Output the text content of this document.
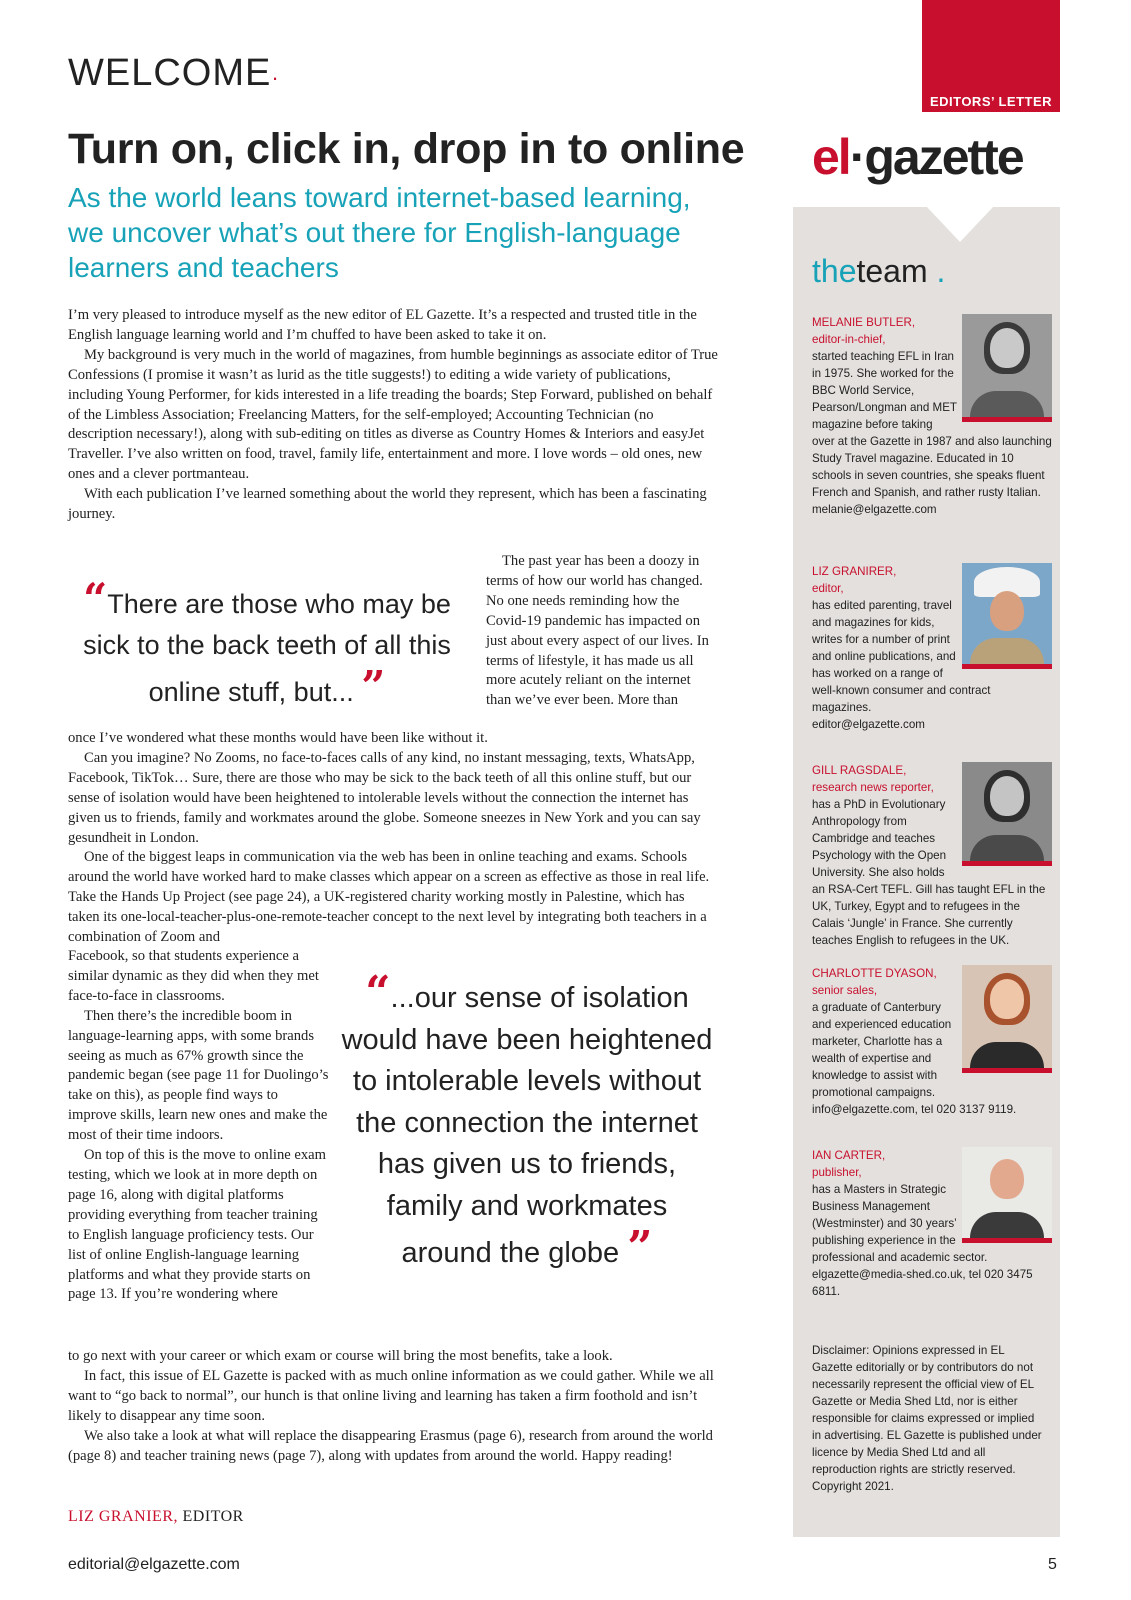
WELCOME·
EDITORS’ LETTER
Turn on, click in, drop in to online
As the world leans toward internet-based learning, we uncover what’s out there for English-language learners and teachers

I’m very pleased to introduce myself as the new editor of EL Gazette. It’s a respected and trusted title in the English language learning world and I’m chuffed to have been asked to take it on.

My background is very much in the world of magazines, from humble beginnings as associate editor of True Confessions (I promise it wasn’t as lurid as the title suggests!) to editing a wide variety of publications, including Young Performer, for kids interested in a life treading the boards; Step Forward, published on behalf of the Limbless Association; Freelancing Matters, for the self-employed; Accounting Technician (no description necessary!), along with sub-editing on titles as diverse as Country Homes & Interiors and easyJet Traveller. I’ve also written on food, travel, family life, entertainment and more. I love words – old ones, new ones and a clever portmanteau.

With each publication I’ve learned something about the world they represent, which has been a fascinating journey.

“There are those who may be sick to the back teeth of all this online stuff, but... ”

The past year has been a doozy in terms of how our world has changed. No one needs reminding how the Covid-19 pandemic has impacted on just about every aspect of our lives. In terms of lifestyle, it has made us all more acutely reliant on the internet than we’ve ever been. More than

once I’ve wondered what these months would have been like without it.

Can you imagine? No Zooms, no face-to-faces calls of any kind, no instant messaging, texts, WhatsApp, Facebook, TikTok… Sure, there are those who may be sick to the back teeth of all this online stuff, but our sense of isolation would have been heightened to intolerable levels without the connection the internet has given us to friends, family and workmates around the globe. Someone sneezes in New York and you can say gesundheit in London.

One of the biggest leaps in communication via the web has been in online teaching and exams. Schools around the world have worked hard to make classes which appear on a screen as effective as those in real life. Take the Hands Up Project (see page 24), a UK-registered charity working mostly in Palestine, which has taken its one-local-teacher-plus-one-remote-teacher concept to the next level by integrating both teachers in a combination of Zoom and

Facebook, so that students experience a similar dynamic as they did when they met face-to-face in classrooms.

Then there’s the incredible boom in language-learning apps, with some brands seeing as much as 67% growth since the pandemic began (see page 11 for Duolingo’s take on this), as people find ways to improve skills, learn new ones and make the most of their time indoors.

On top of this is the move to online exam testing, which we look at in more depth on page 16, along with digital platforms providing everything from teacher training to English language proficiency tests. Our list of online English-language learning platforms and what they provide starts on page 13. If you’re wondering where

“...our sense of isolation would have been heightened to intolerable levels without the connection the internet has given us to friends, family and workmates around the globe ”

to go next with your career or which exam or course will bring the most benefits, take a look.

In fact, this issue of EL Gazette is packed with as much online information as we could gather. While we all want to “go back to normal”, our hunch is that online living and learning has taken a firm foothold and isn’t likely to disappear any time soon.

We also take a look at what will replace the disappearing Erasmus (page 6), research from around the world (page 8) and teacher training news (page 7), along with updates from around the world. Happy reading!

LIZ GRANIER, EDITOR
editorial@elgazette.com	5
el·gazette
theteam .
MELANIE BUTLER,
editor-in-chief,
started teaching EFL in Iran in 1975. She worked for the BBC World Service, Pearson/Longman and MET magazine before taking over at the Gazette in 1987 and also launching Study Travel magazine. Educated in 10 schools in seven countries, she speaks fluent French and Spanish, and rather rusty Italian.
melanie@elgazette.com
LIZ GRANIRER,
editor,
has edited parenting, travel and magazines for kids, writes for a number of print and online publications, and has worked on a range of well-known consumer and contract magazines.
editor@elgazette.com
GILL RAGSDALE,
research news reporter,
has a PhD in Evolutionary Anthropology from Cambridge and teaches Psychology with the Open University. She also holds an RSA-Cert TEFL. Gill has taught EFL in the UK, Turkey, Egypt and to refugees in the Calais ‘Jungle’ in France. She currently teaches English to refugees in the UK.
CHARLOTTE DYASON,
senior sales,
a graduate of Canterbury and experienced education marketer, Charlotte has a wealth of expertise and knowledge to assist with promotional campaigns.
info@elgazette.com, tel 020 3137 9119.
IAN CARTER,
publisher,
has a Masters in Strategic Business Management (Westminster) and 30 years’ publishing experience in the professional and academic sector.
elgazette@media-shed.co.uk, tel 020 3475 6811.
Disclaimer: Opinions expressed in EL Gazette editorially or by contributors do not necessarily represent the official view of EL Gazette or Media Shed Ltd, nor is either responsible for claims expressed or implied in advertising. EL Gazette is published under licence by Media Shed Ltd and all reproduction rights are strictly reserved. Copyright 2021.
